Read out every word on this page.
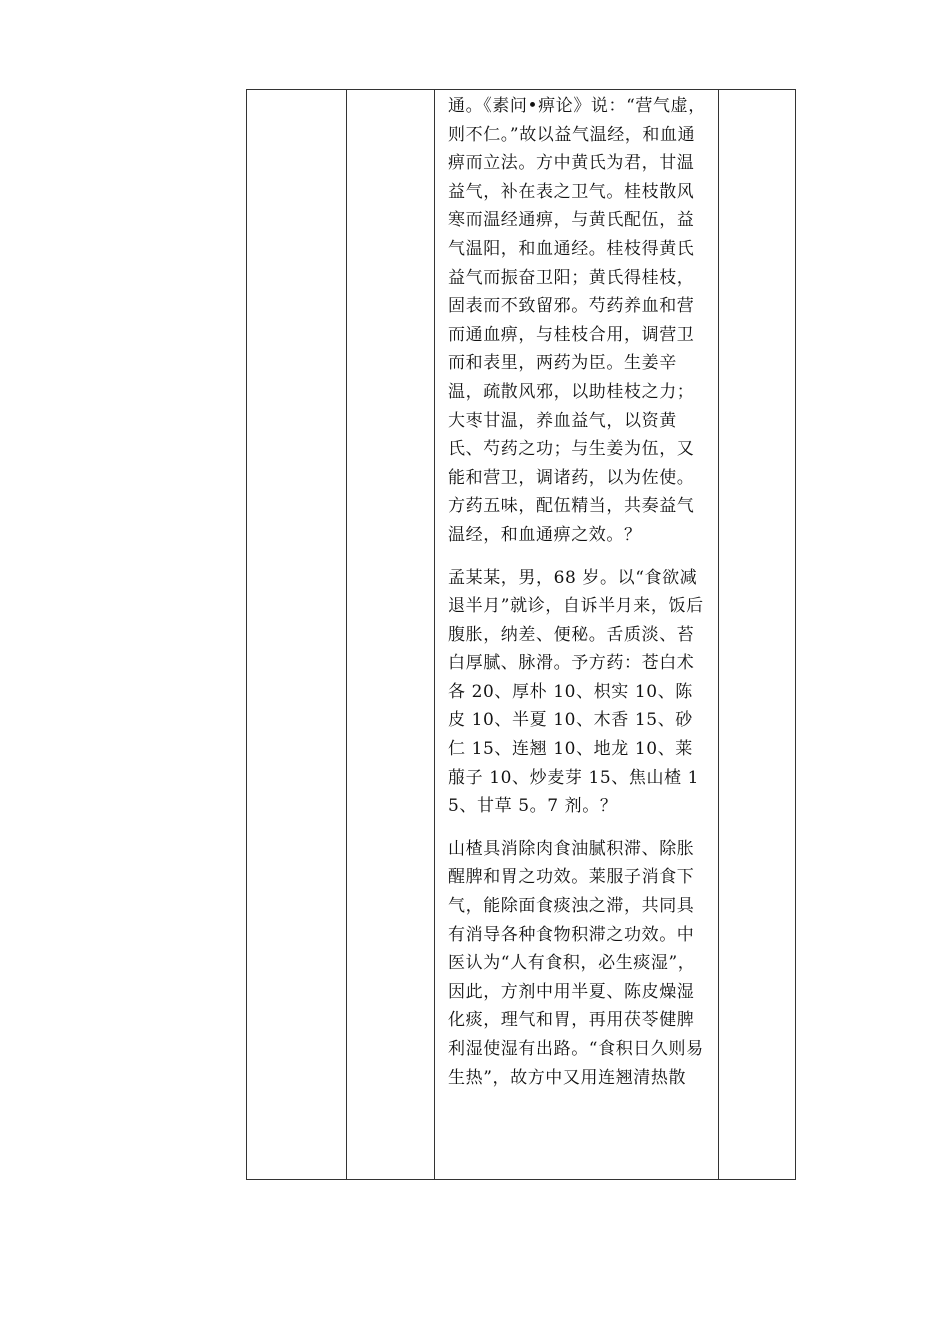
通。《素问•痹论》说：“营气虚，则不仁。”故以益气温经，和血通痹而立法。方中黄氏为君，甘温益气，补在表之卫气。桂枝散风寒而温经通痹，与黄氏配伍，益气温阳，和血通经。桂枝得黄氏益气而振奋卫阳；黄氏得桂枝，固表而不致留邪。芍药养血和营而通血痹，与桂枝合用，调营卫而和表里，两药为臣。生姜辛温，疏散风邪，以助桂枝之力；大枣甘温，养血益气，以资黄氏、芍药之功；与生姜为伍，又能和营卫，调诸药，以为佐使。方药五味，配伍精当，共奏益气温经，和血通痹之效。？

孟某某，男，68 岁。以“食欲减退半月”就诊，自诉半月来，饭后腹胀，纳差、便秘。舌质淡、苔白厚腻、脉滑。予方药：苍白术各 20、厚朴 10、枳实 10、陈皮 10、半夏 10、木香 15、砂仁 15、连翘 10、地龙 10、莱菔子 10、炒麦芽 15、焦山楂 15、甘草 5。7 剂。？

山楂具消除肉食油腻积滞、除胀醒脾和胃之功效。莱服子消食下气，能除面食痰浊之滞，共同具有消导各种食物积滞之功效。中医认为“人有食积，必生痰湿”，因此，方剂中用半夏、陈皮燥湿化痰，理气和胃，再用茯苓健脾利湿使湿有出路。“食积日久则易生热”，故方中又用连翘清热散
